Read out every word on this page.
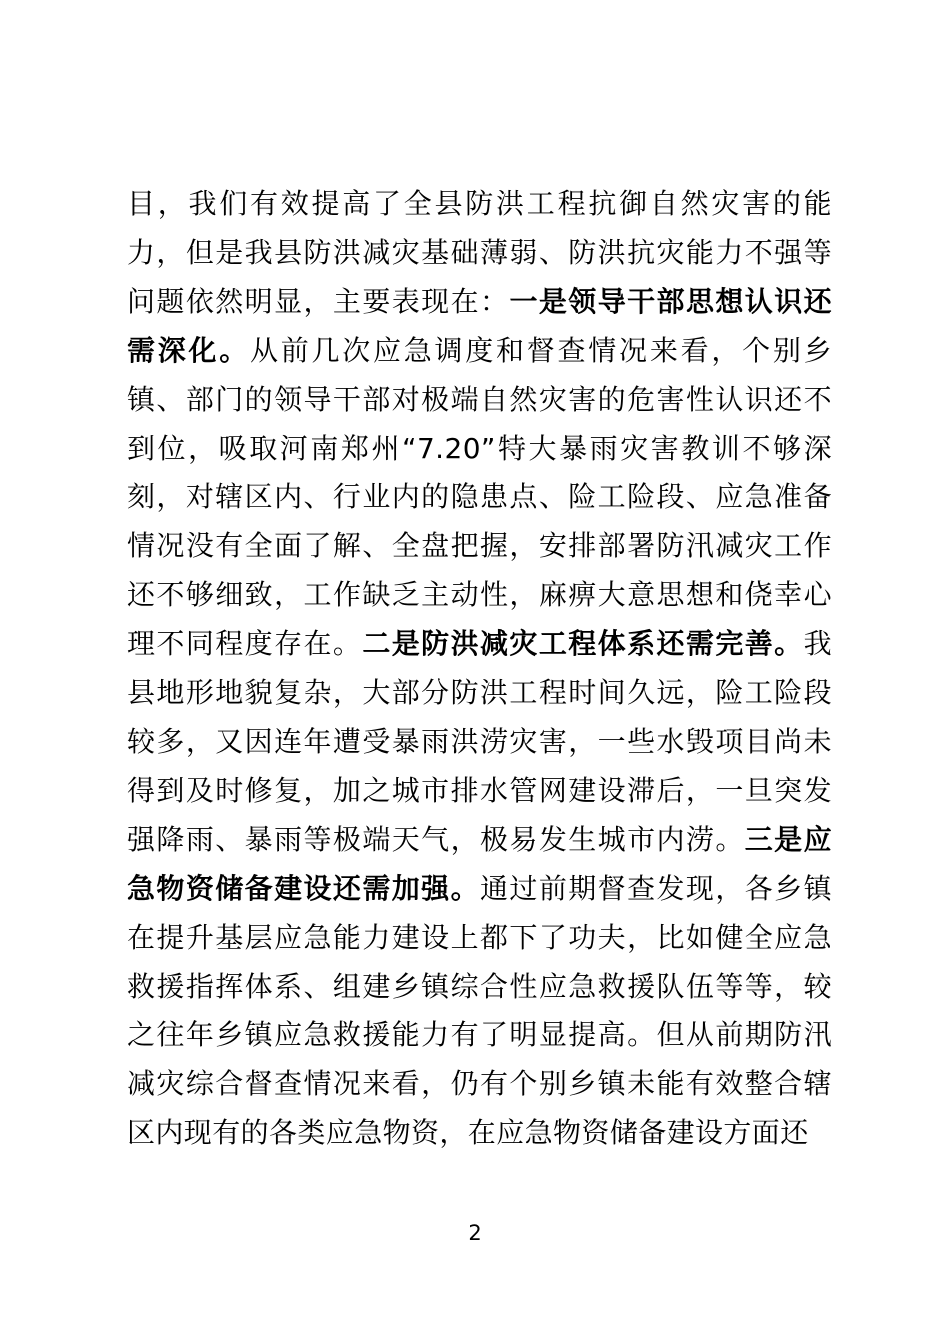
目，我们有效提高了全县防洪工程抗御自然灾害的能力，但是我县防洪减灾基础薄弱、防洪抗灾能力不强等问题依然明显，主要表现在：一是领导干部思想认识还需深化。从前几次应急调度和督查情况来看，个别乡镇、部门的领导干部对极端自然灾害的危害性认识还不到位，吸取河南郑州“7.20”特大暴雨灾害教训不够深刻，对辖区内、行业内的隐患点、险工险段、应急准备情况没有全面了解、全盘把握，安排部署防汛减灾工作还不够细致，工作缺乏主动性，麻痹大意思想和侥幸心理不同程度存在。二是防洪减灾工程体系还需完善。我县地形地貌复杂，大部分防洪工程时间久远，险工险段较多，又因连年遭受暴雨洪涝灾害，一些水毁项目尚未得到及时修复，加之城市排水管网建设滞后，一旦突发强降雨、暴雨等极端天气，极易发生城市内涝。三是应急物资储备建设还需加强。通过前期督查发现，各乡镇在提升基层应急能力建设上都下了功夫，比如健全应急救援指挥体系、组建乡镇综合性应急救援队伍等等，较之往年乡镇应急救援能力有了明显提高。但从前期防汛减灾综合督查情况来看，仍有个别乡镇未能有效整合辖区内现有的各类应急物资，在应急物资储备建设方面还

2
